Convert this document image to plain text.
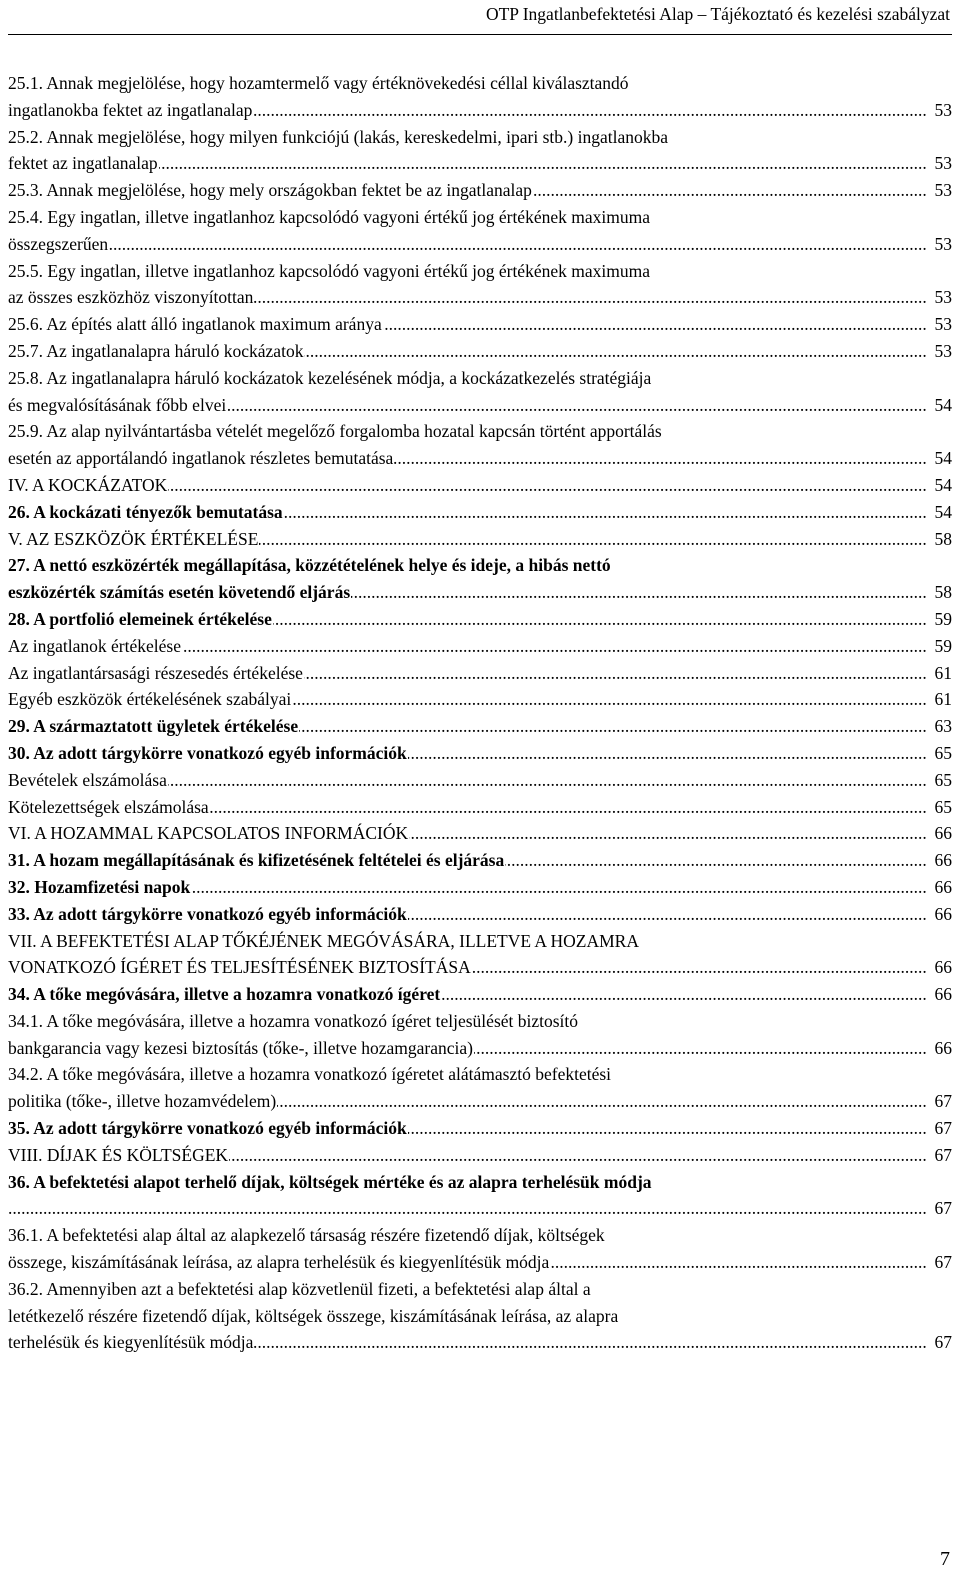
OTP Ingatlanbefektetési Alap – Tájékoztató és kezelési szabályzat
25.1. Annak megjelölése, hogy hozamtermelő vagy értéknövekedési céllal kiválasztandó
ingatlanokba fektet az ingatlanalap	53
.....
25.2. Annak megjelölése, hogy milyen funkciójú (lakás, kereskedelmi, ipari stb.) ingatlanokba
fektet az ingatlanalap	53
.....
25.3. Annak megjelölése, hogy mely országokban fektet be az ingatlanalap	53
.....
25.4. Egy ingatlan, illetve ingatlanhoz kapcsolódó vagyoni értékű jog értékének maximuma
összegszerűen	53
.....
25.5. Egy ingatlan, illetve ingatlanhoz kapcsolódó vagyoni értékű jog értékének maximuma
az összes eszközhöz viszonyítottan	53
.....
25.6. Az építés alatt álló ingatlanok maximum aránya	53
.....
25.7. Az ingatlanalapra háruló kockázatok	53
.....
25.8. Az ingatlanalapra háruló kockázatok kezelésének módja, a kockázatkezelés stratégiája
és megvalósításának főbb elvei	54
.....
25.9. Az alap nyilvántartásba vételét megelőző forgalomba hozatal kapcsán történt apportálás
esetén az apportálandó ingatlanok részletes bemutatása	54
.....
IV. A KOCKÁZATOK	54
.....
26. A kockázati tényezők bemutatása	54
.....
V. AZ ESZKÖZÖK ÉRTÉKELÉSE	58
.....
27. A nettó eszközérték megállapítása, közzétételének helye és ideje, a hibás nettó
eszközérték számítás esetén követendő eljárás	58
.....
28. A portfolió elemeinek értékelése	59
.....
Az ingatlanok értékelése	59
.....
Az ingatlantársasági részesedés értékelése	61
.....
Egyéb eszközök értékelésének szabályai	61
.....
29. A származtatott ügyletek értékelése	63
.....
30. Az adott tárgykörre vonatkozó egyéb információk	65
.....
Bevételek elszámolása	65
.....
Kötelezettségek elszámolása	65
.....
VI. A HOZAMMAL KAPCSOLATOS INFORMÁCIÓK	66
.....
31. A hozam megállapításának és kifizetésének feltételei és eljárása	66
.....
32. Hozamfizetési napok	66
.....
33. Az adott tárgykörre vonatkozó egyéb információk	66
.....
VII. A BEFEKTETÉSI ALAP TŐKÉJÉNEK MEGÓVÁSÁRA, ILLETVE A HOZAMRA
VONATKOZÓ ÍGÉRET ÉS TELJESÍTÉSÉNEK BIZTOSÍTÁSA	66
.....
34. A tőke megóvására, illetve a hozamra vonatkozó ígéret	66
.....
34.1. A tőke megóvására, illetve a hozamra vonatkozó ígéret teljesülését biztosító
bankgarancia vagy kezesi biztosítás (tőke-, illetve hozamgarancia)	66
.....
34.2. A tőke megóvására, illetve a hozamra vonatkozó ígéretet alátámasztó befektetési
politika (tőke-, illetve hozamvédelem)	67
.....
35. Az adott tárgykörre vonatkozó egyéb információk	67
.....
VIII. DÍJAK ÉS KÖLTSÉGEK	67
.....
36. A befektetési alapot terhelő díjak, költségek mértéke és az alapra terhelésük módja
67
.....
36.1. A befektetési alap által az alapkezelő társaság részére fizetendő díjak, költségek
összege, kiszámításának leírása, az alapra terhelésük és kiegyenlítésük módja	67
.....
36.2. Amennyiben azt a befektetési alap közvetlenül fizeti, a befektetési alap által a
letétkezelő részére fizetendő díjak, költségek összege, kiszámításának leírása, az alapra
terhelésük és kiegyenlítésük módja	67
.....
7
